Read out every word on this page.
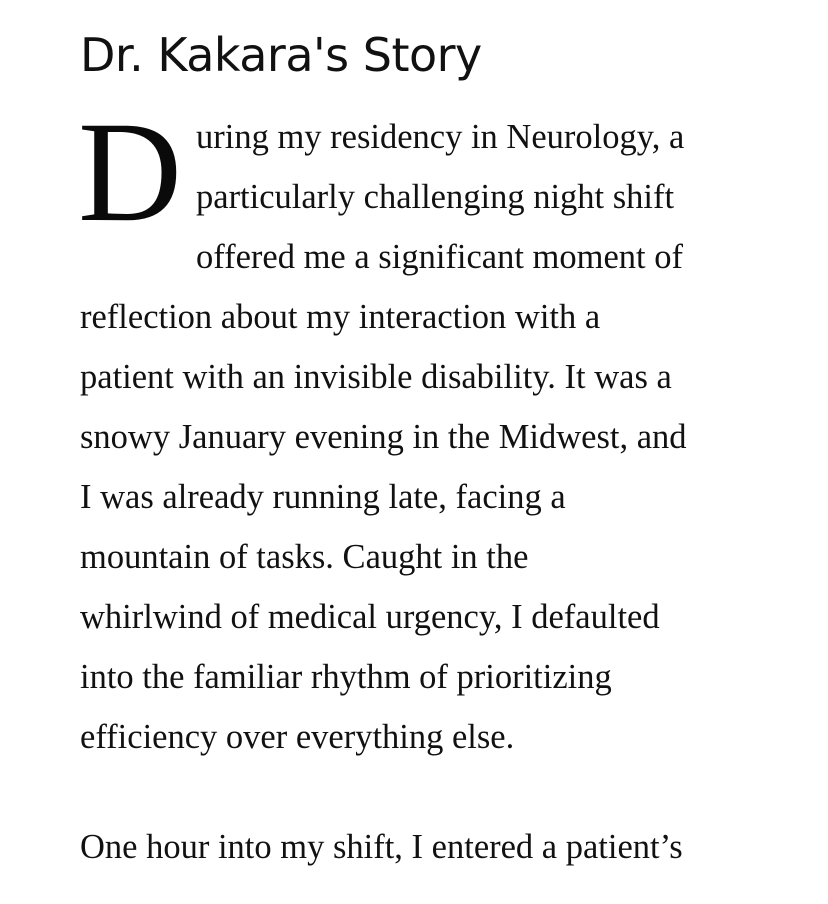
Dr. Kakara's Story

D uring my residency in Neurology, a
particularly challenging night shift
offered me a significant moment of
reflection about my interaction with a
patient with an invisible disability. It was a
snowy January evening in the Midwest, and
I was already running late, facing a
mountain of tasks. Caught in the
whirlwind of medical urgency, I defaulted
into the familiar rhythm of prioritizing
efficiency over everything else.

One hour into my shift, I entered a patient’s
